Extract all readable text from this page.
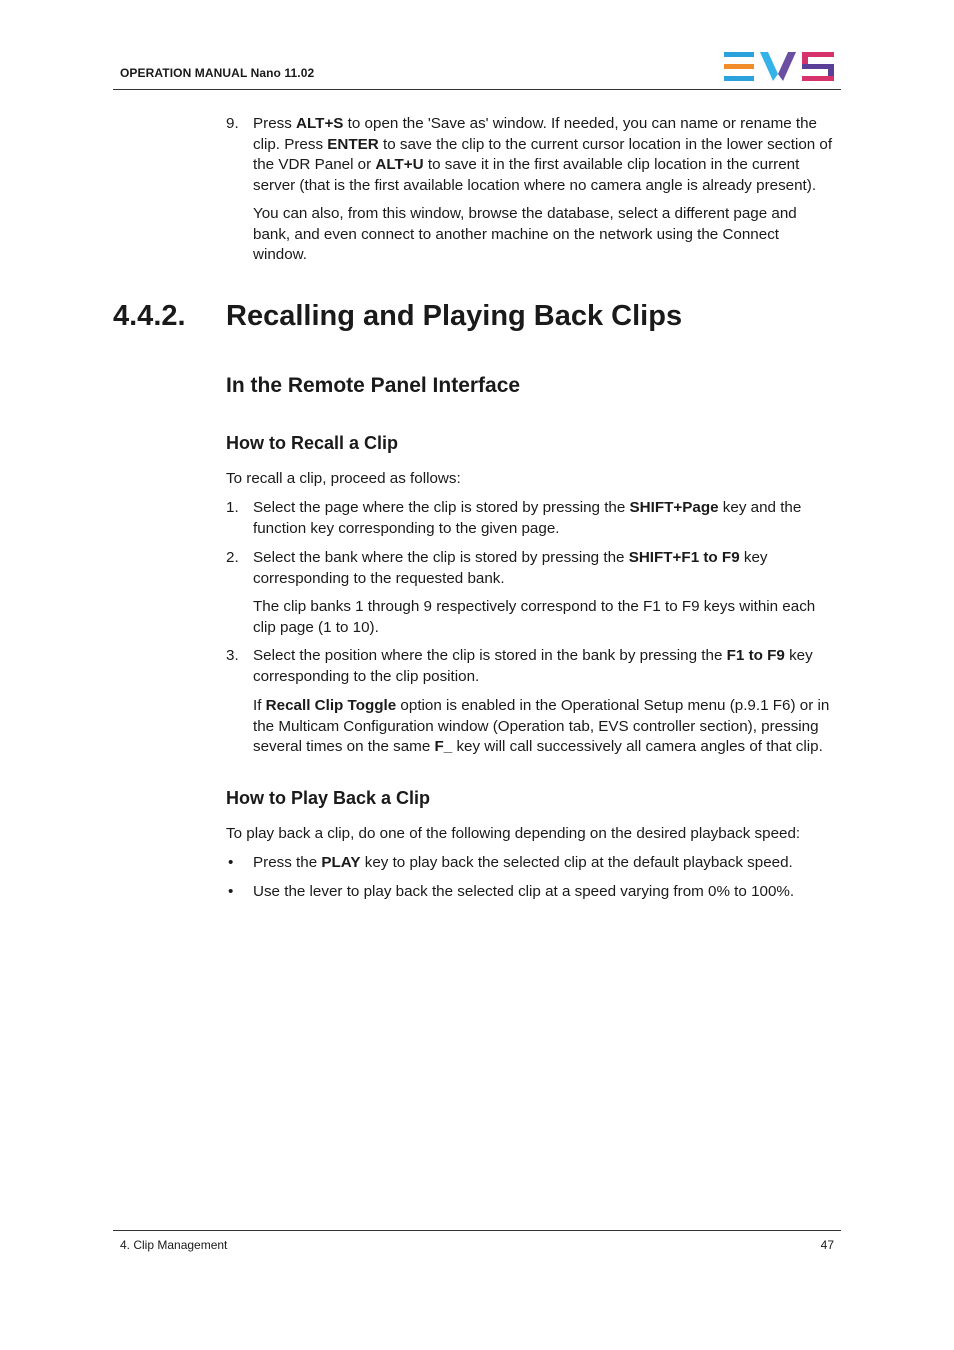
OPERATION MANUAL Nano 11.02
9. Press ALT+S to open the 'Save as' window. If needed, you can name or rename the clip. Press ENTER to save the clip to the current cursor location in the lower section of the VDR Panel or ALT+U to save it in the first available clip location in the current server (that is the first available location where no camera angle is already present).

You can also, from this window, browse the database, select a different page and bank, and even connect to another machine on the network using the Connect window.

4.4.2. Recalling and Playing Back Clips
In the Remote Panel Interface
How to Recall a Clip

To recall a clip, proceed as follows:

1. Select the page where the clip is stored by pressing the SHIFT+Page key and the function key corresponding to the given page.

2. Select the bank where the clip is stored by pressing the SHIFT+F1 to F9 key corresponding to the requested bank.

The clip banks 1 through 9 respectively correspond to the F1 to F9 keys within each clip page (1 to 10).

3. Select the position where the clip is stored in the bank by pressing the F1 to F9 key corresponding to the clip position.

If Recall Clip Toggle option is enabled in the Operational Setup menu (p.9.1 F6) or in the Multicam Configuration window (Operation tab, EVS controller section), pressing several times on the same F_ key will call successively all camera angles of that clip.

How to Play Back a Clip

To play back a clip, do one of the following depending on the desired playback speed:

• Press the PLAY key to play back the selected clip at the default playback speed.

• Use the lever to play back the selected clip at a speed varying from 0% to 100%.

4. Clip Management	47
